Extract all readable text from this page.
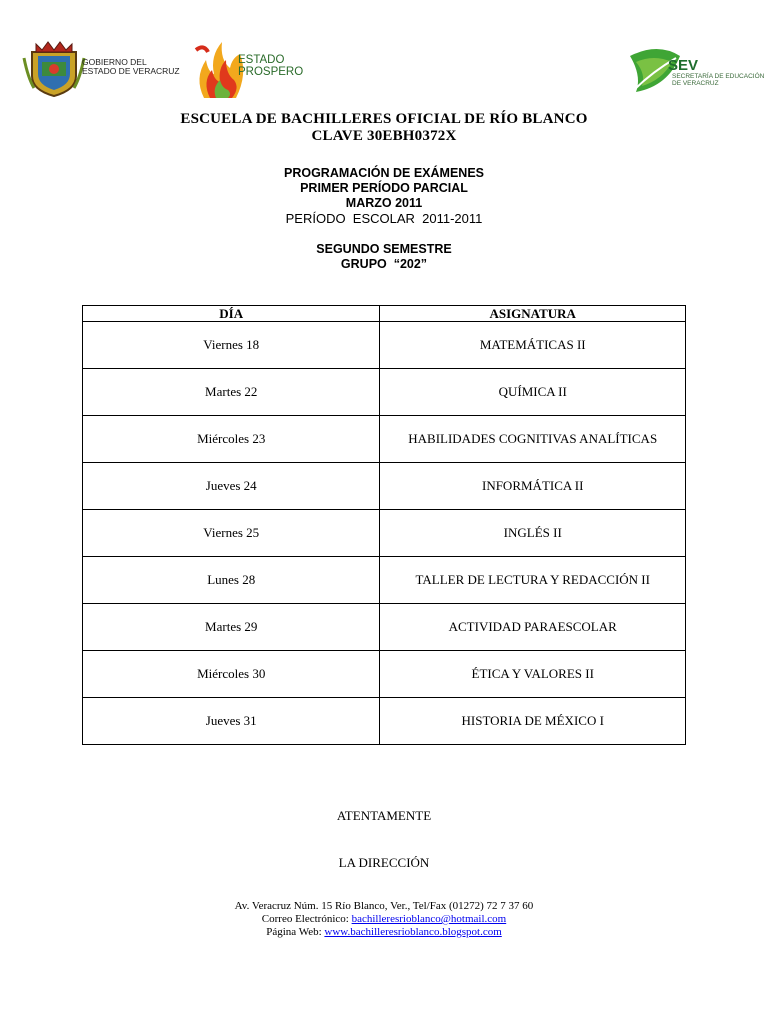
GOBIERNO DEL
ESTADO DE VERACRUZ
ESTADO
PROSPERO	SEV
SECRETARÍA DE EDUCACIÓN
DE VERACRUZ
ESCUELA DE BACHILLERES OFICIAL DE RÍO BLANCO
CLAVE 30EBH0372X
PROGRAMACIÓN DE EXÁMENES
PRIMER PERÍODO PARCIAL
MARZO 2011
PERÍODO  ESCOLAR  2011-2011
SEGUNDO SEMESTRE
GRUPO  “202”
DÍA	ASIGNATURA
Viernes 18	MATEMÁTICAS II
Martes 22	QUÍMICA II
Miércoles 23	HABILIDADES COGNITIVAS ANALÍTICAS
Jueves 24	INFORMÁTICA II
Viernes 25	INGLÉS II
Lunes 28	TALLER DE LECTURA Y REDACCIÓN II
Martes 29	ACTIVIDAD PARAESCOLAR
Miércoles 30	ÉTICA Y VALORES II
Jueves 31	HISTORIA DE MÉXICO I
ATENTAMENTE
LA DIRECCIÓN
Av. Veracruz Núm. 15 Río Blanco, Ver., Tel/Fax (01272) 72 7 37 60
Correo Electrónico: bachilleresrioblanco@hotmail.com
Página Web: www.bachilleresrioblanco.blogspot.com
